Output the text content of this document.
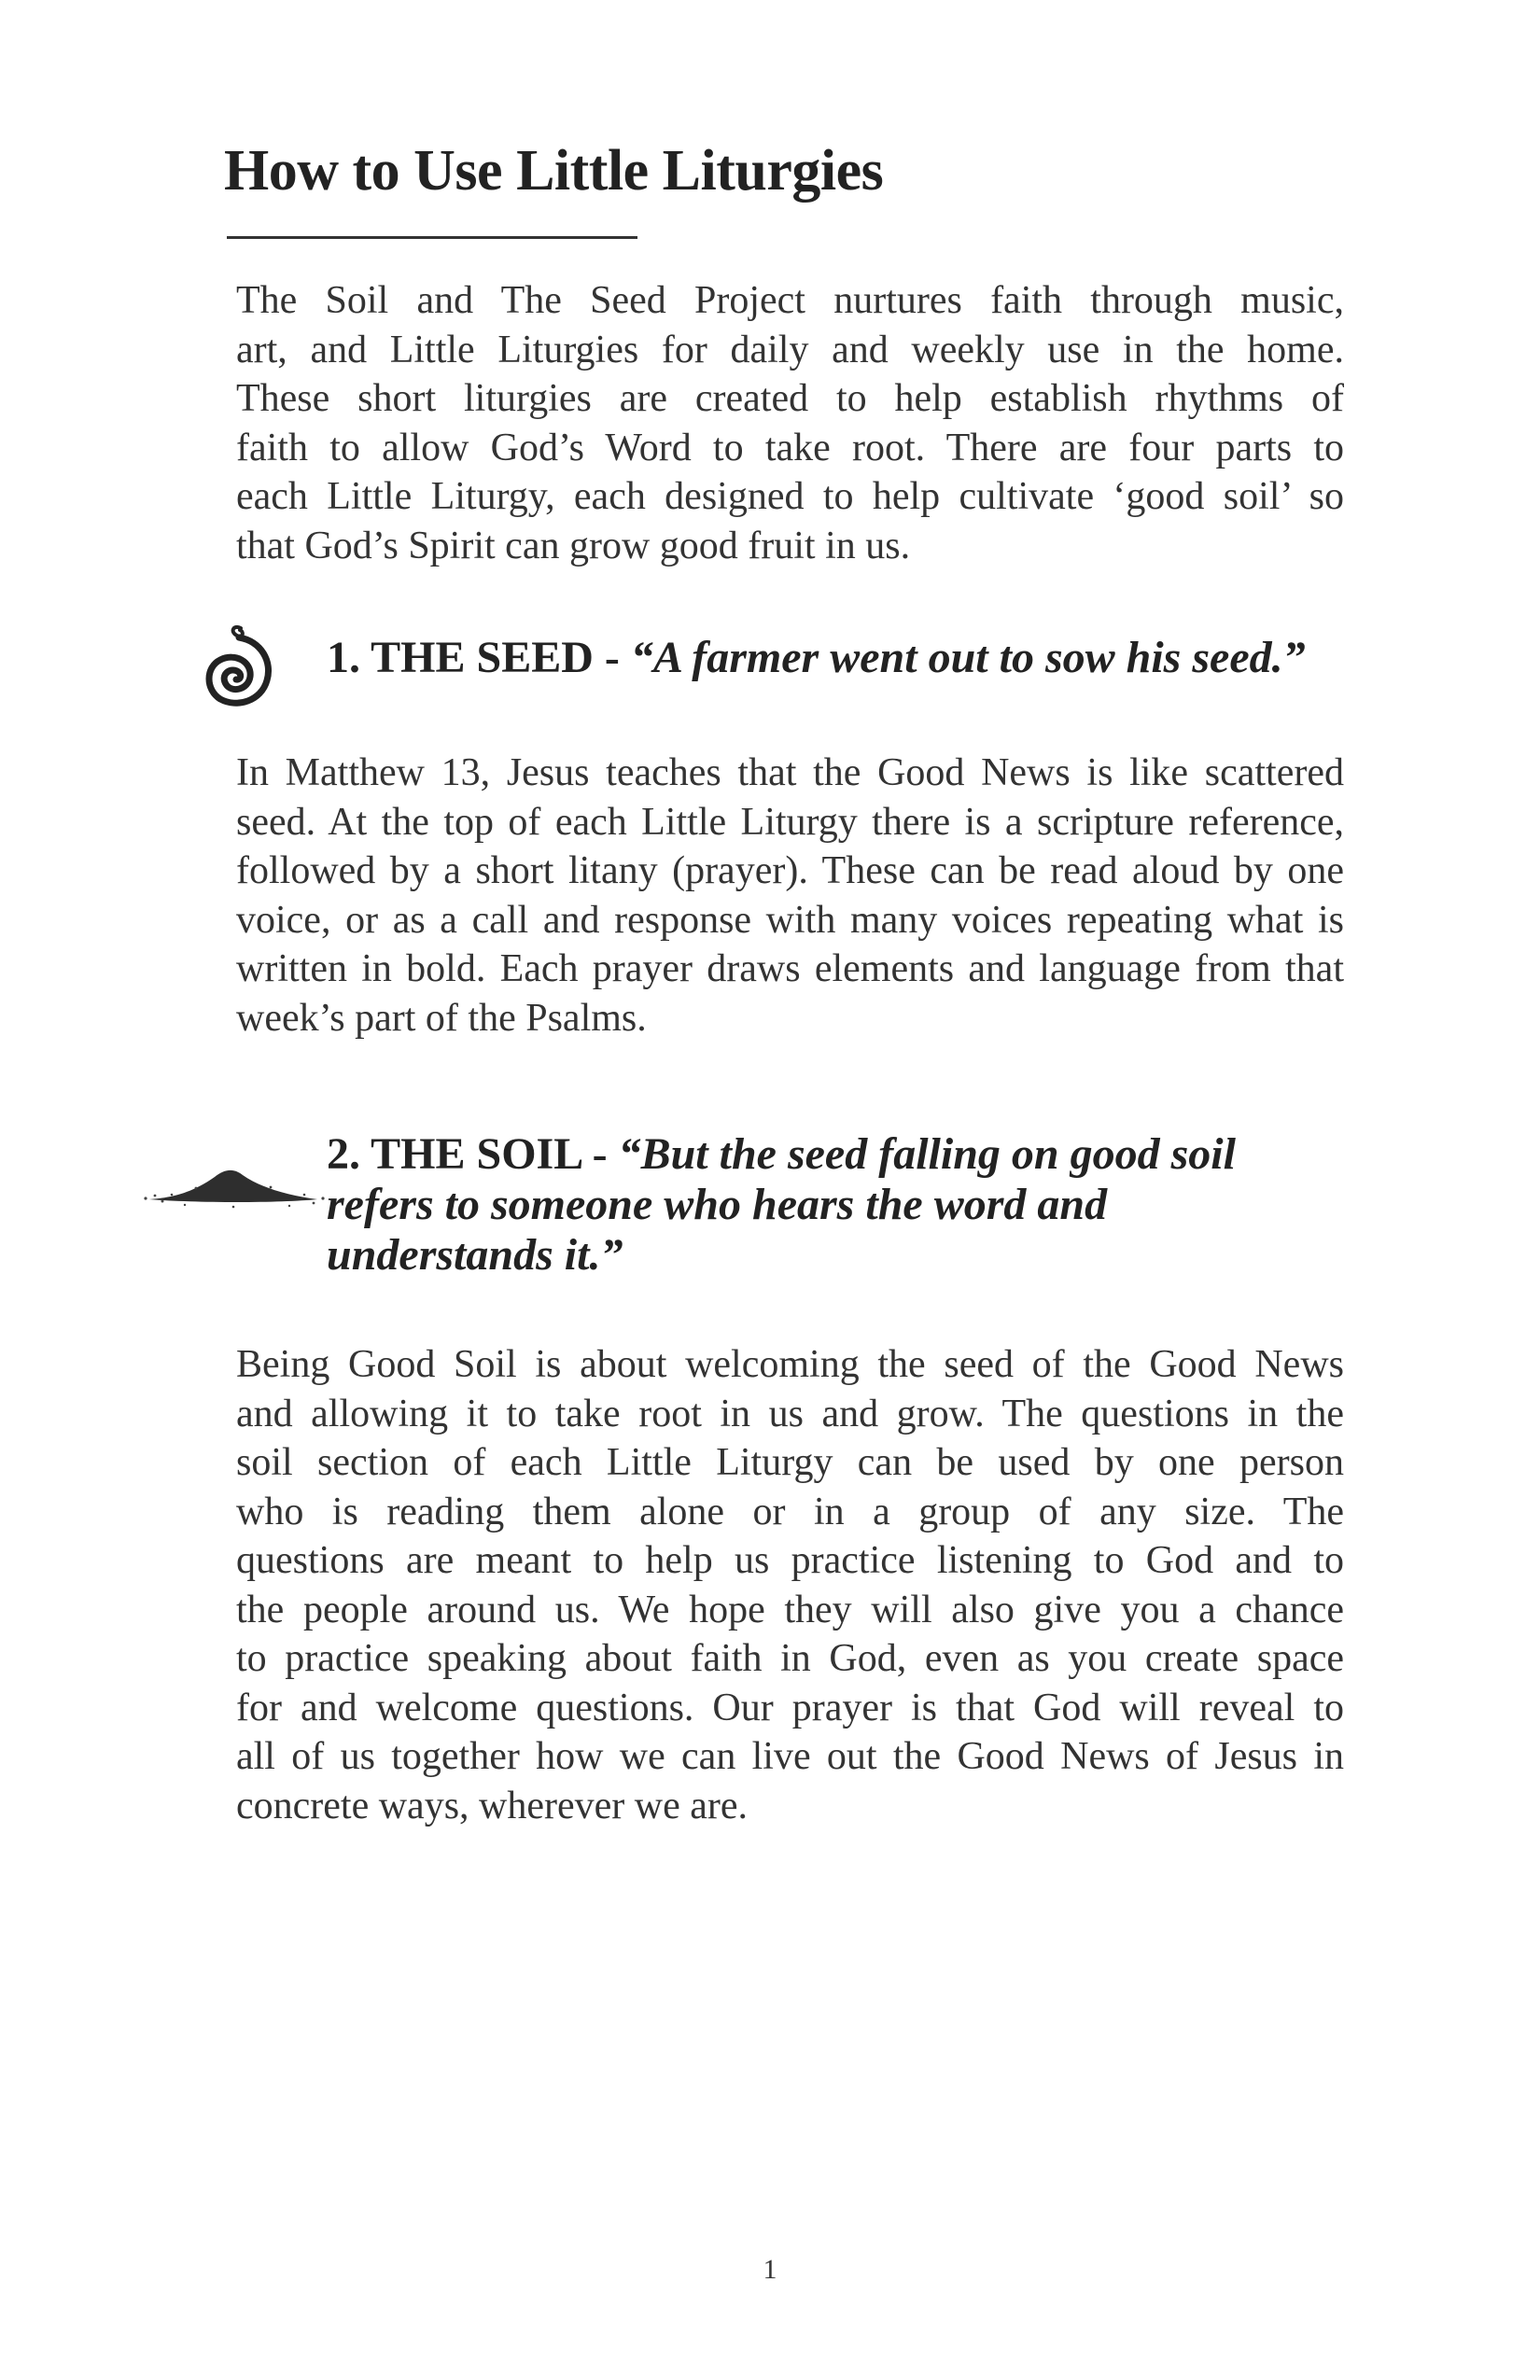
How to Use Little Liturgies
The Soil and The Seed Project nurtures faith through music,
art, and Little Liturgies for daily and weekly use in the home.
These short liturgies are created to help establish rhythms of
faith to allow God’s Word to take root. There are four parts to
each Little Liturgy, each designed to help cultivate ‘good soil’ so
that God’s Spirit can grow good fruit in us.
1. THE SEED - “A farmer went out to sow his seed.”
In Matthew 13, Jesus teaches that the Good News is like scattered
seed. At the top of each Little Liturgy there is a scripture reference,
followed by a short litany (prayer). These can be read aloud by one
voice, or as a call and response with many voices repeating what is
written in bold. Each prayer draws elements and language from that
week’s part of the Psalms.
2. THE SOIL - “But the seed falling on good soil
refers to someone who hears the word and
understands it.”
Being Good Soil is about welcoming the seed of the Good News
and allowing it to take root in us and grow. The questions in the
soil section of each Little Liturgy can be used by one person
who is reading them alone or in a group of any size. The
questions are meant to help us practice listening to God and to
the people around us. We hope they will also give you a chance
to practice speaking about faith in God, even as you create space
for and welcome questions. Our prayer is that God will reveal to
all of us together how we can live out the Good News of Jesus in
concrete ways, wherever we are.
1
